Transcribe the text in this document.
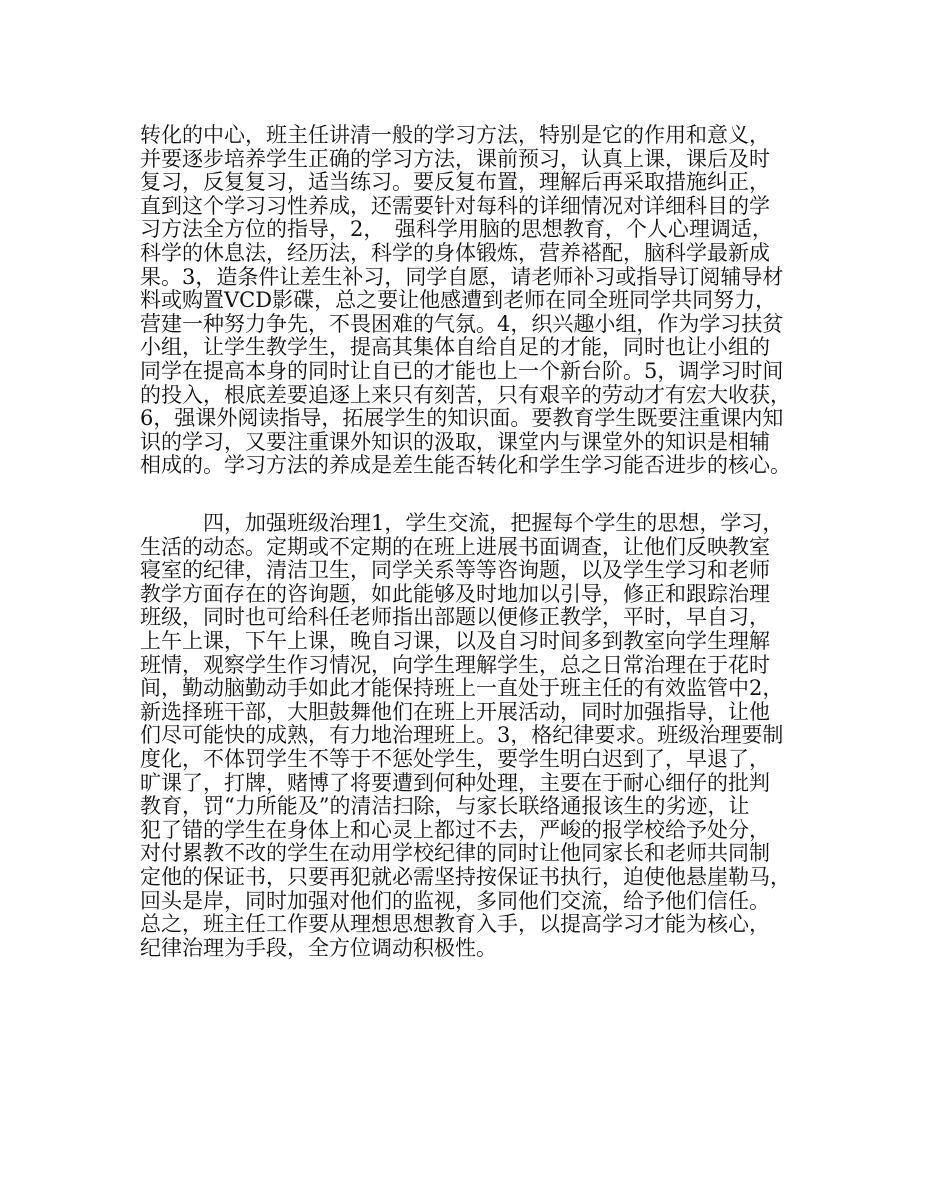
转化的中心，班主任讲清一般的学习方法，特别是它的作用和意义，
并要逐步培养学生正确的学习方法，课前预习，认真上课，课后及时
复习，反复复习，适当练习。要反复布置，理解后再采取措施纠正，
直到这个学习习性养成，还需要针对每科的详细情况对详细科目的学
习方法全方位的指导，2，　强科学用脑的思想教育，个人心理调适，
科学的休息法，经历法，科学的身体锻炼，营养褡配，脑科学最新成
果。3，造条件让差生补习，同学自愿，请老师补习或指导订阅辅导材
料或购置VCD影碟，总之要让他感遭到老师在同全班同学共同努力，
营建一种努力争先，不畏困难的气氛。4，织兴趣小组，作为学习扶贫
小组，让学生教学生，提高其集体自给自足的才能，同时也让小组的
同学在提高本身的同时让自已的才能也上一个新台阶。5，调学习时间
的投入，根底差要追逐上来只有刻苦，只有艰辛的劳动才有宏大收获，
6，强课外阅读指导，拓展学生的知识面。要教育学生既要注重课内知
识的学习，又要注重课外知识的汲取，课堂内与课堂外的知识是相辅
相成的。学习方法的养成是差生能否转化和学生学习能否进步的核心。
四，加强班级治理1，学生交流，把握每个学生的思想，学习，
生活的动态。定期或不定期的在班上进展书面调查，让他们反映教室
寝室的纪律，清洁卫生，同学关系等等咨询题，以及学生学习和老师
教学方面存在的咨询题，如此能够及时地加以引导，修正和跟踪治理
班级，同时也可给科任老师指出部题以便修正教学，平时，早自习，
上午上课，下午上课，晚自习课，以及自习时间多到教室向学生理解
班情，观察学生作习情况，向学生理解学生，总之日常治理在于花时
间，勤动脑勤动手如此才能保持班上一直处于班主任的有效监管中2，
新选择班干部，大胆鼓舞他们在班上开展活动，同时加强指导，让他
们尽可能快的成熟，有力地治理班上。3，格纪律要求。班级治理要制
度化，不体罚学生不等于不惩处学生，要学生明白迟到了，早退了，
旷课了，打牌，赌博了将要遭到何种处理，主要在于耐心细仔的批判
教育，罚“力所能及”的清洁扫除，与家长联络通报该生的劣迹，让
犯了错的学生在身体上和心灵上都过不去，严峻的报学校给予处分，
对付累教不改的学生在动用学校纪律的同时让他同家长和老师共同制
定他的保证书，只要再犯就必需坚持按保证书执行，迫使他悬崖勒马，
回头是岸，同时加强对他们的监视，多同他们交流，给予他们信任。
总之，班主任工作要从理想思想教育入手，以提高学习才能为核心，
纪律治理为手段，全方位调动积极性。
